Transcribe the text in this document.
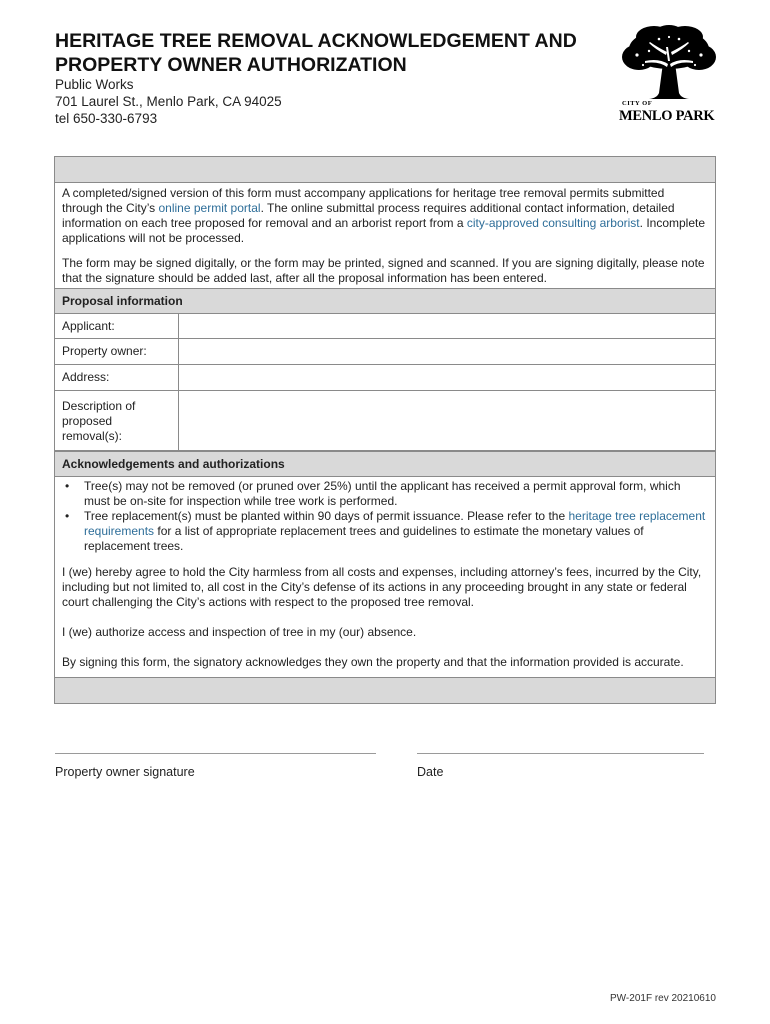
HERITAGE TREE REMOVAL ACKNOWLEDGEMENT AND
PROPERTY OWNER AUTHORIZATION
Public Works
701 Laurel St., Menlo Park, CA 94025
tel 650-330-6793
CITY OF
MENLO PARK

A completed/signed version of this form must accompany applications for heritage tree removal permits submitted through the City’s online permit portal. The online submittal process requires additional contact information, detailed information on each tree proposed for removal and an arborist report from a city-approved consulting arborist. Incomplete applications will not be processed.

The form may be signed digitally, or the form may be printed, signed and scanned. If you are signing digitally, please note that the signature should be added last, after all the proposal information has been entered.

Proposal information
Applicant:
Property owner:
Address:
Description of proposed removal(s):
Acknowledgements and authorizations
• Tree(s) may not be removed (or pruned over 25%) until the applicant has received a permit approval form, which must be on-site for inspection while tree work is performed.
• Tree replacement(s) must be planted within 90 days of permit issuance. Please refer to the heritage tree replacement requirements for a list of appropriate replacement trees and guidelines to estimate the monetary values of replacement trees.

I (we) hereby agree to hold the City harmless from all costs and expenses, including attorney’s fees, incurred by the City, including but not limited to, all cost in the City’s defense of its actions in any proceeding brought in any state or federal court challenging the City’s actions with respect to the proposed tree removal.

I (we) authorize access and inspection of tree in my (our) absence.

By signing this form, the signatory acknowledges they own the property and that the information provided is accurate.

Property owner signature	Date
PW-201F rev 20210610
